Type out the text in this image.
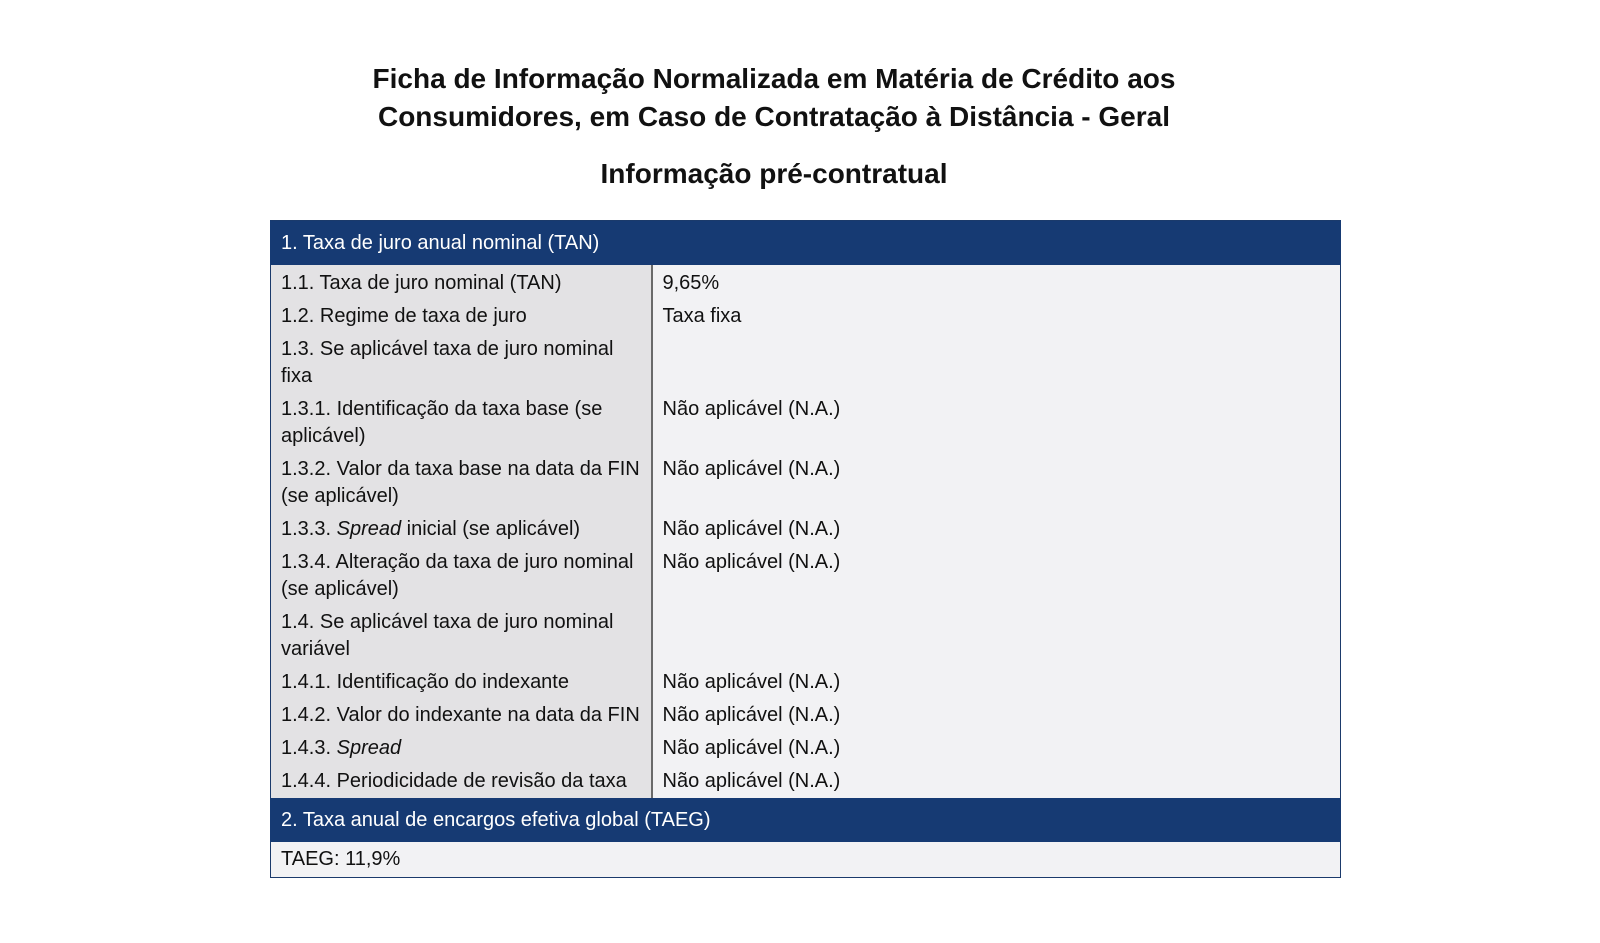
Ficha de Informação Normalizada em Matéria de Crédito aos
Consumidores, em Caso de Contratação à Distância - Geral
Informação pré-contratual
1. Taxa de juro anual nominal (TAN)	
1.1. Taxa de juro nominal (TAN)	9,65%
1.2. Regime de taxa de juro	Taxa fixa
1.3. Se aplicável taxa de juro nominal fixa	
1.3.1. Identificação da taxa base (se aplicável)	Não aplicável (N.A.)
1.3.2. Valor da taxa base na data da FIN (se aplicável)	Não aplicável (N.A.)
1.3.3. Spread inicial (se aplicável)	Não aplicável (N.A.)
1.3.4. Alteração da taxa de juro nominal (se aplicável)	Não aplicável (N.A.)
1.4. Se aplicável taxa de juro nominal variável	
1.4.1. Identificação do indexante	Não aplicável (N.A.)
1.4.2. Valor do indexante na data da FIN	Não aplicável (N.A.)
1.4.3. Spread	Não aplicável (N.A.)
1.4.4. Periodicidade de revisão da taxa	Não aplicável (N.A.)
2. Taxa anual de encargos efetiva global (TAEG)	
TAEG: 11,9%	
